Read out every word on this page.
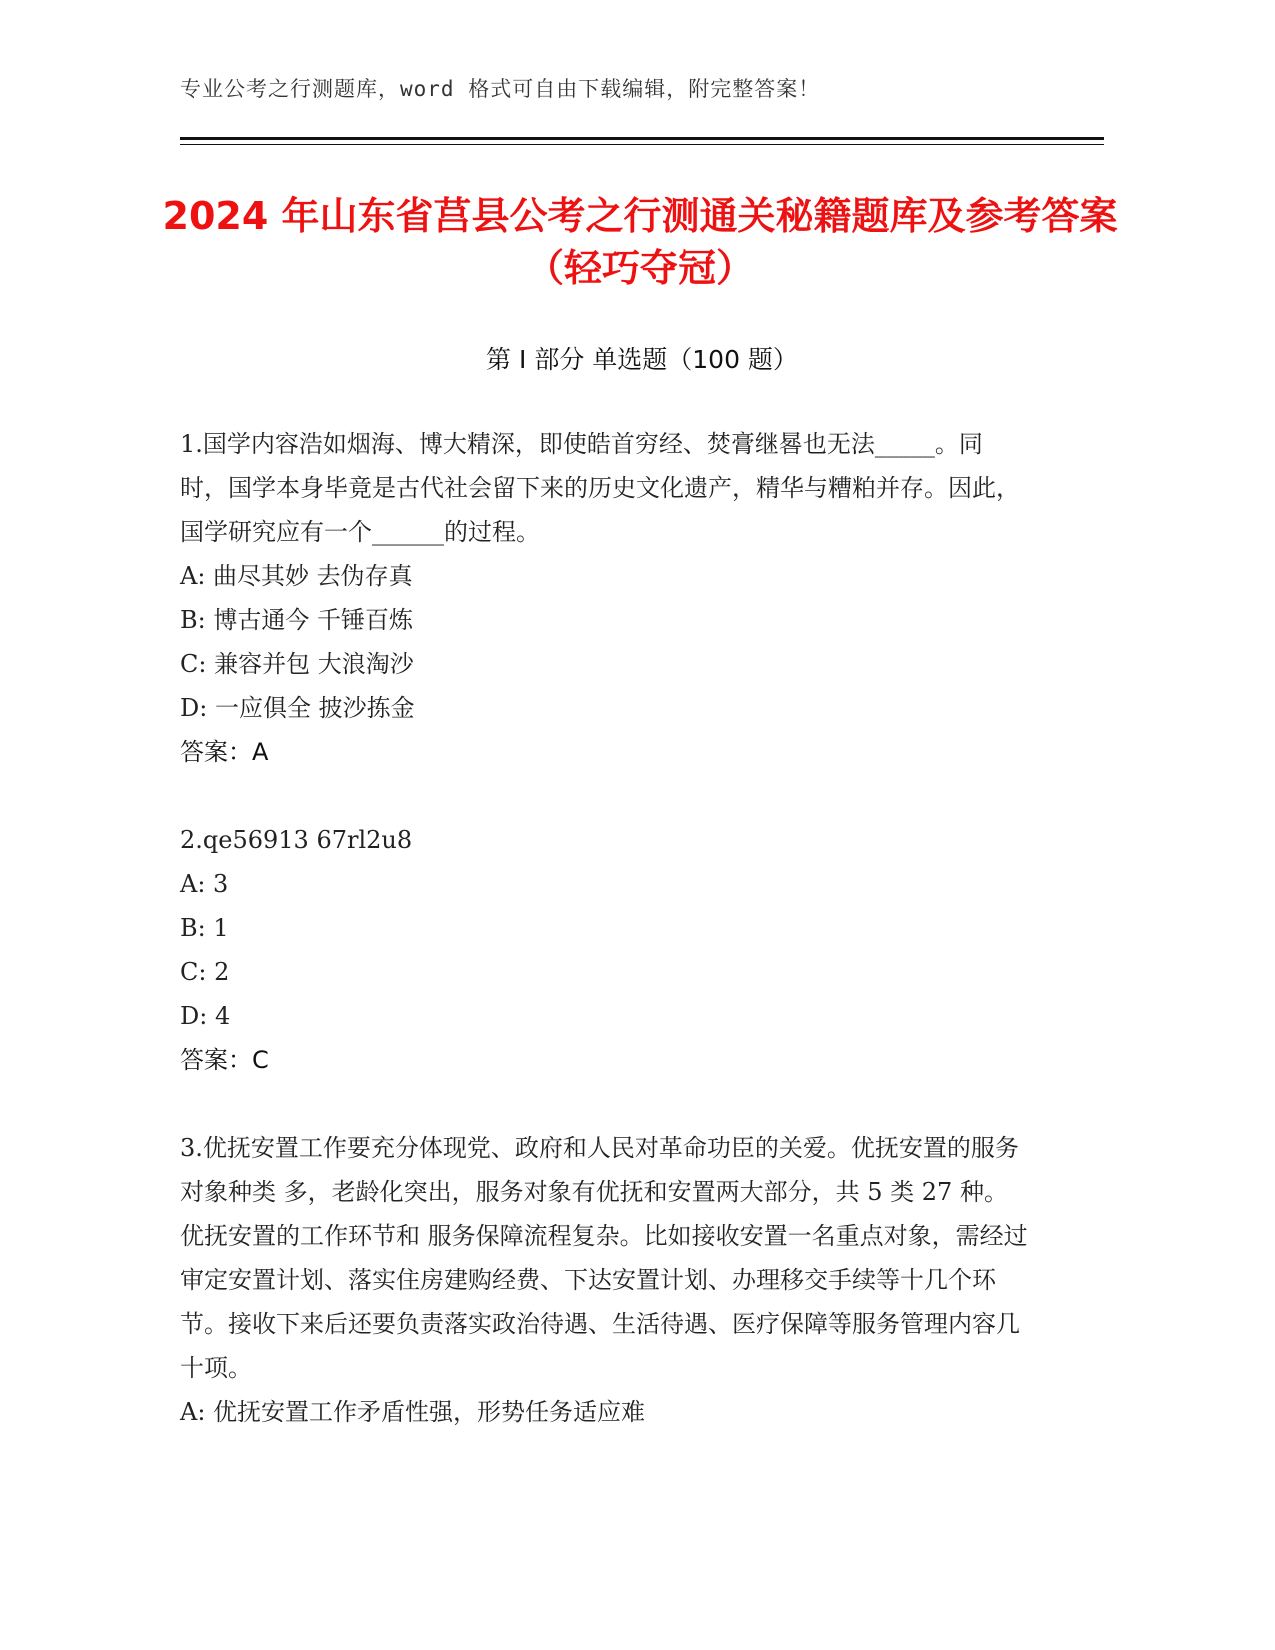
专业公考之行测题库，word 格式可自由下载编辑，附完整答案！
2024 年山东省莒县公考之行测通关秘籍题库及参考答案（轻巧夺冠）
第 I 部分 单选题（100 题）

1.国学内容浩如烟海、博大精深，即使皓首穷经、焚膏继晷也无法_____。同时，国学本身毕竟是古代社会留下来的历史文化遗产，精华与糟粕并存。因此，国学研究应有一个______的过程。

A: 曲尽其妙 去伪存真
B: 博古通今 千锤百炼
C: 兼容并包 大浪淘沙
D: 一应俱全 披沙拣金
答案：A

2.qe56913 67rl2u8

A: 3
B: 1
C: 2
D: 4
答案：C

3.优抚安置工作要充分体现党、政府和人民对革命功臣的关爱。优抚安置的服务对象种类 多，老龄化突出，服务对象有优抚和安置两大部分，共 5 类 27 种。优抚安置的工作环节和 服务保障流程复杂。比如接收安置一名重点对象，需经过审定安置计划、落实住房建购经费、下达安置计划、办理移交手续等十几个环节。接收下来后还要负责落实政治待遇、生活待遇、医疗保障等服务管理内容几十项。

A: 优抚安置工作矛盾性强，形势任务适应难
